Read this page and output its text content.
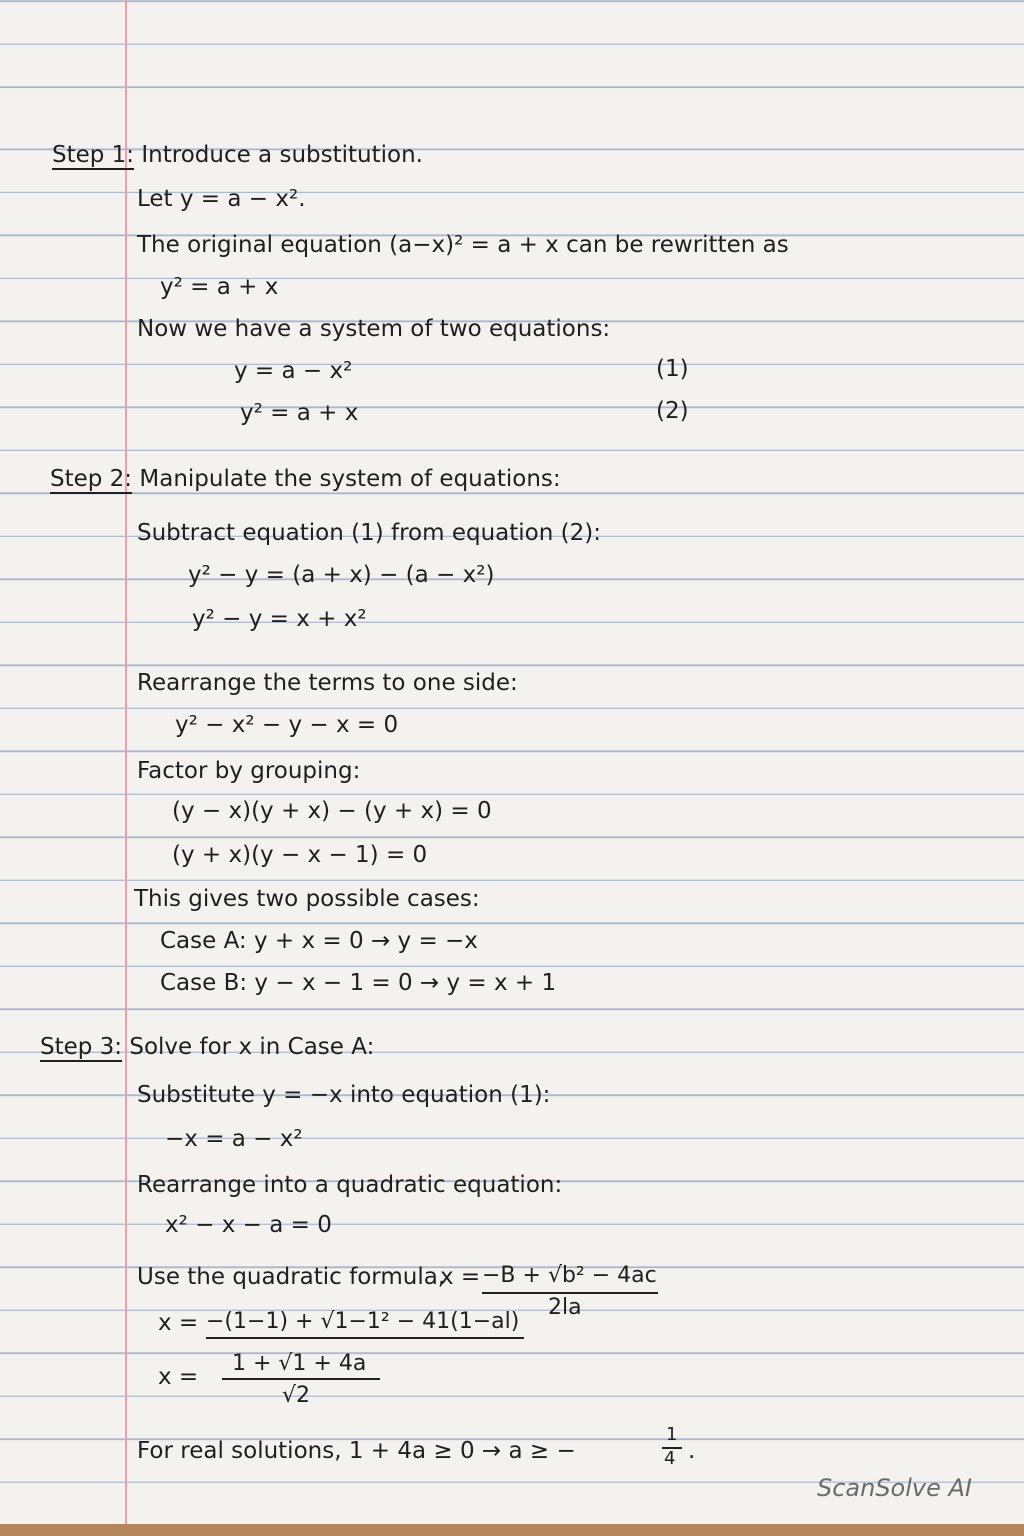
Step 1: Introduce a substitution.
Let y = a − x².
The original equation (a−x)² = a + x can be rewritten as
y² = a + x
Now we have a system of two equations:
y = a − x²	(1)
y² = a + x	(2)
Step 2: Manipulate the system of equations:
Subtract equation (1) from equation (2):
y² − y = (a + x) − (a − x²)
y² − y = x + x²
Rearrange the terms to one side:
y² − x² − y − x = 0
Factor by grouping:
(y − x)(y + x) − (y + x) = 0
(y + x)(y − x − 1) = 0
This gives two possible cases:
Case A: y + x = 0 → y = −x
Case B: y − x − 1 = 0 → y = x + 1
Step 3: Solve for x in Case A:
Substitute y = −x into equation (1):
−x = a − x²
Rearrange into a quadratic equation:
x² − x − a = 0
Use the quadratic formula,
x = −B + √b² − 4ac
2la
x = −(1−1) + √1−1² − 41(1−al)
x =
1 + √1 + 4a
√2
For real solutions, 1 + 4a ≥ 0 → a ≥ −
1
4 .
ScanSolve AI
